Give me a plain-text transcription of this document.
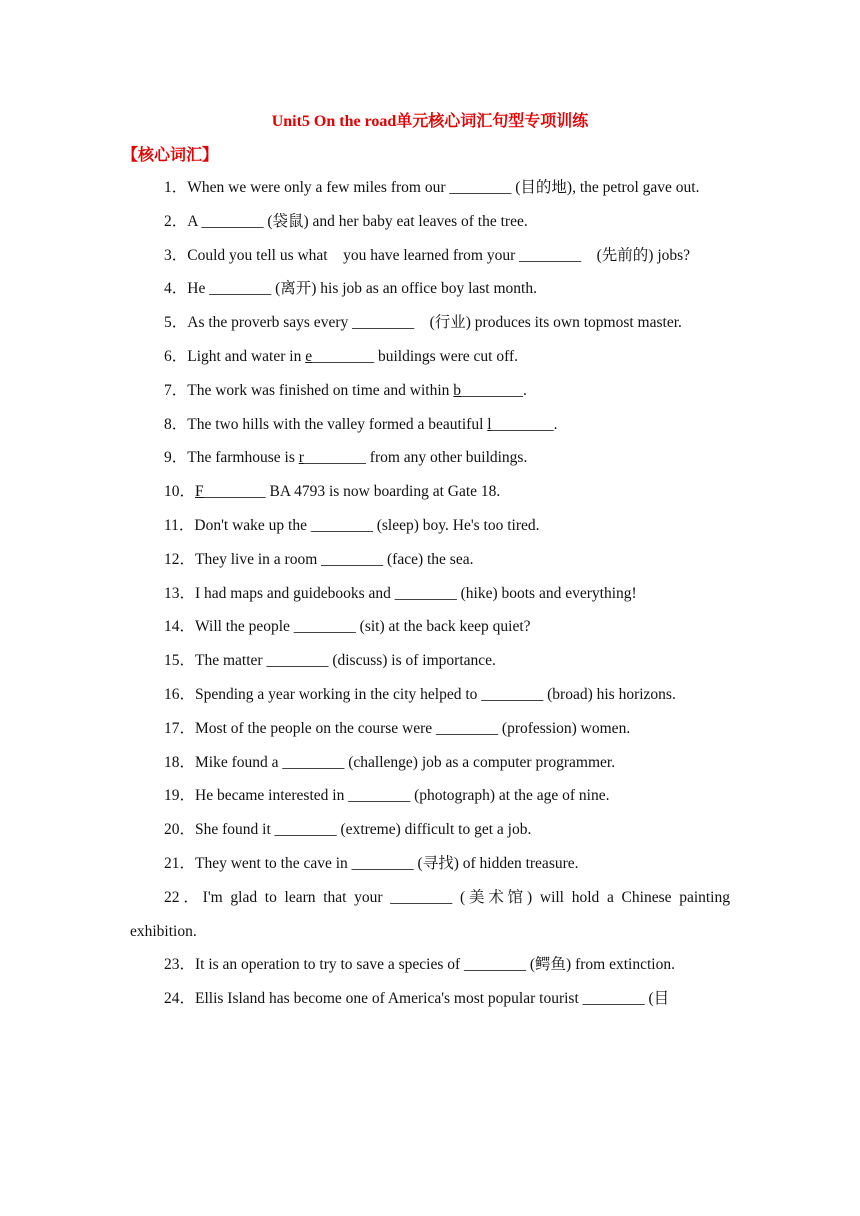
Unit5 On the road单元核心词汇句型专项训练
【核心词汇】

1．When we were only a few miles from our ________ (目的地), the petrol gave out.

2．A ________ (袋鼠) and her baby eat leaves of the tree.

3．Could you tell us what　you have learned from your ________　(先前的) jobs?

4．He ________ (离开) his job as an office boy last month.

5．As the proverb says every ________　(行业) produces its own topmost master.

6．Light and water in e________ buildings were cut off.

7．The work was finished on time and within b________.

8．The two hills with the valley formed a beautiful l________.

9．The farmhouse is r________ from any other buildings.

10．F________ BA 4793 is now boarding at Gate 18.

11．Don't wake up the ________ (sleep) boy. He's too tired.

12．They live in a room ________ (face) the sea.

13．I had maps and guidebooks and ________ (hike) boots and everything!

14．Will the people ________ (sit) at the back keep quiet?

15．The matter ________ (discuss) is of importance.

16．Spending a year working in the city helped to ________ (broad) his horizons.

17．Most of the people on the course were ________ (profession) women.

18．Mike found a ________ (challenge) job as a computer programmer.

19．He became interested in ________ (photograph) at the age of nine.

20．She found it ________ (extreme) difficult to get a job.

21．They went to the cave in ________ (寻找) of hidden treasure.

22．I'm glad to learn that your ________ (美术馆) will hold a Chinese painting exhibition.

23．It is an operation to try to save a species of ________ (鳄鱼) from extinction.

24．Ellis Island has become one of America's most popular tourist ________ (目
